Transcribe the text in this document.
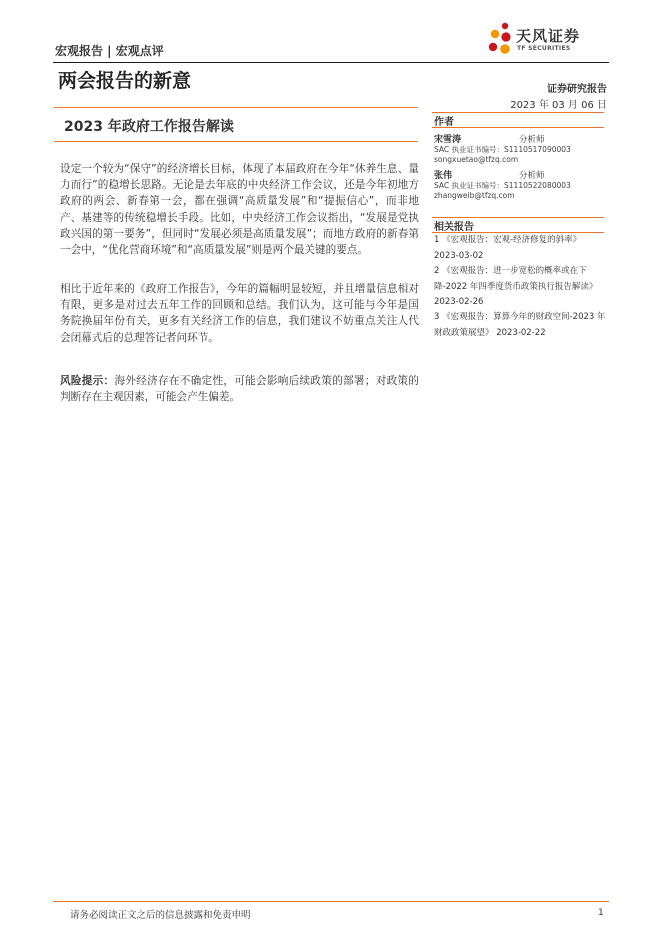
宏观报告 | 宏观点评
天风证券
TF SECURITIES
两会报告的新意	证券研究报告
2023 年 03 月 06 日
2023 年政府工作报告解读
设定一个较为“保守”的经济增长目标，体现了本届政府在今年“休养生息、量力而行”的稳增长思路。无论是去年底的中央经济工作会议，还是今年初地方政府的两会、新春第一会，都在强调“高质量发展”和“提振信心”，而非地产、基建等的传统稳增长手段。比如，中央经济工作会议指出，“发展是党执政兴国的第一要务”，但同时“发展必须是高质量发展”；而地方政府的新春第一会中，“优化营商环境”和“高质量发展”则是两个最关键的要点。
相比于近年来的《政府工作报告》，今年的篇幅明显较短，并且增量信息相对有限，更多是对过去五年工作的回顾和总结。我们认为，这可能与今年是国务院换届年份有关，更多有关经济工作的信息，我们建议不妨重点关注人代会闭幕式后的总理答记者问环节。
风险提示：海外经济存在不确定性，可能会影响后续政策的部署；对政策的判断存在主观因素，可能会产生偏差。
作者
宋雪涛	分析师
SAC 执业证书编号：S1110517090003
songxuetao@tfzq.com
张伟	分析师
SAC 执业证书编号：S1110522080003
zhangweib@tfzq.com
相关报告
1 《宏观报告：宏观-经济修复的斜率》 2023-03-02
2 《宏观报告：进一步宽松的概率或在下降-2022 年四季度货币政策执行报告解读》 2023-02-26
3 《宏观报告：算算今年的财政空间-2023 年财政政策展望》 2023-02-22
请务必阅读正文之后的信息披露和免责申明	1
